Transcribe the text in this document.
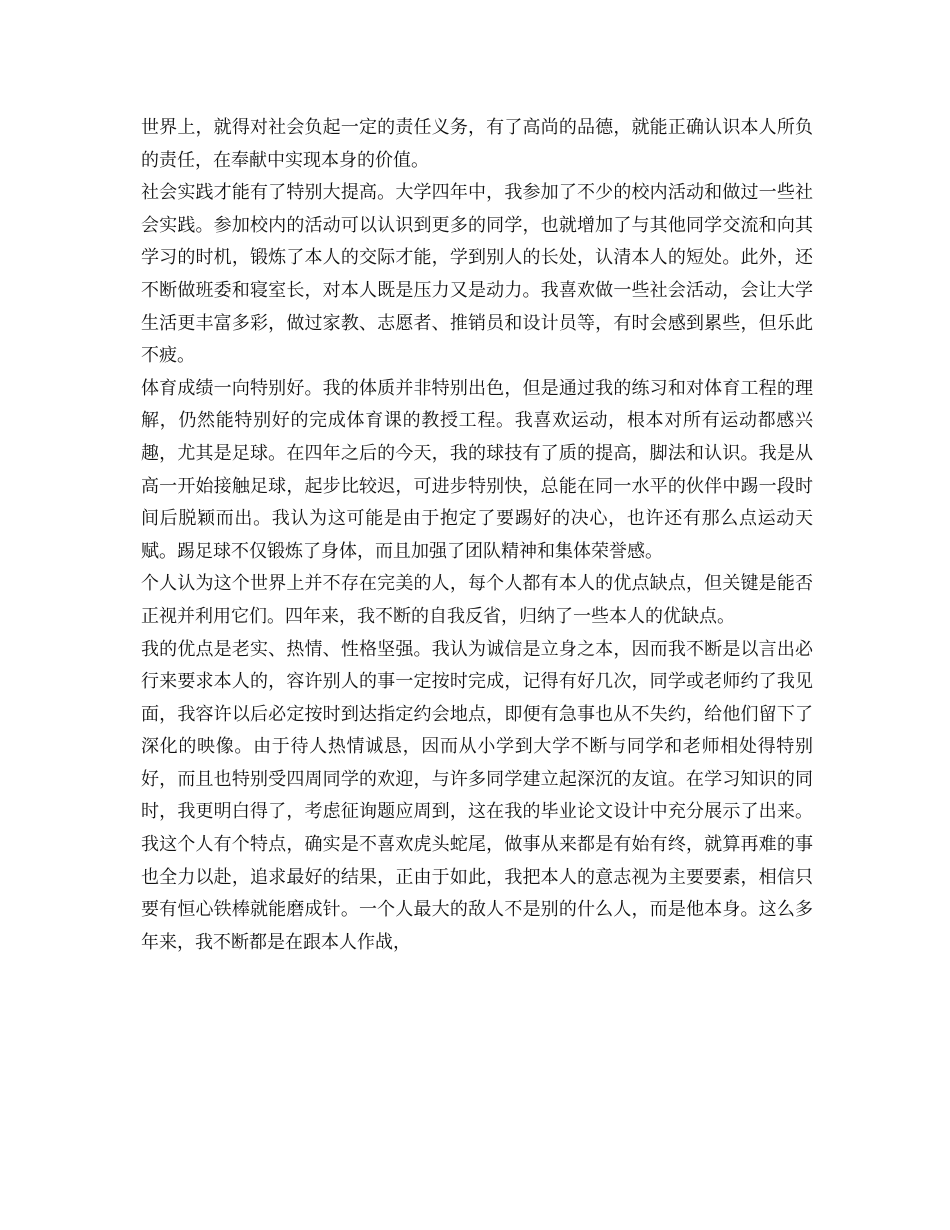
世界上，就得对社会负起一定的责任义务，有了高尚的品德，就能正确认识本人所负的责任，在奉献中实现本身的价值。

社会实践才能有了特别大提高。大学四年中，我参加了不少的校内活动和做过一些社会实践。参加校内的活动可以认识到更多的同学，也就增加了与其他同学交流和向其学习的时机，锻炼了本人的交际才能，学到别人的长处，认清本人的短处。此外，还不断做班委和寝室长，对本人既是压力又是动力。我喜欢做一些社会活动，会让大学生活更丰富多彩，做过家教、志愿者、推销员和设计员等，有时会感到累些，但乐此不疲。

体育成绩一向特别好。我的体质并非特别出色，但是通过我的练习和对体育工程的理解，仍然能特别好的完成体育课的教授工程。我喜欢运动，根本对所有运动都感兴趣，尤其是足球。在四年之后的今天，我的球技有了质的提高，脚法和认识。我是从高一开始接触足球，起步比较迟，可进步特别快，总能在同一水平的伙伴中踢一段时间后脱颖而出。我认为这可能是由于抱定了要踢好的决心，也许还有那么点运动天赋。踢足球不仅锻炼了身体，而且加强了团队精神和集体荣誉感。

个人认为这个世界上并不存在完美的人，每个人都有本人的优点缺点，但关键是能否正视并利用它们。四年来，我不断的自我反省，归纳了一些本人的优缺点。

我的优点是老实、热情、性格坚强。我认为诚信是立身之本，因而我不断是以言出必行来要求本人的，容许别人的事一定按时完成，记得有好几次，同学或老师约了我见面，我容许以后必定按时到达指定约会地点，即便有急事也从不失约，给他们留下了深化的映像。由于待人热情诚恳，因而从小学到大学不断与同学和老师相处得特别好，而且也特别受四周同学的欢迎，与许多同学建立起深沉的友谊。在学习知识的同时，我更明白得了，考虑征询题应周到，这在我的毕业论文设计中充分展示了出来。我这个人有个特点，确实是不喜欢虎头蛇尾，做事从来都是有始有终，就算再难的事也全力以赴，追求最好的结果，正由于如此，我把本人的意志视为主要要素，相信只要有恒心铁棒就能磨成针。一个人最大的敌人不是别的什么人，而是他本身。这么多年来，我不断都是在跟本人作战，
